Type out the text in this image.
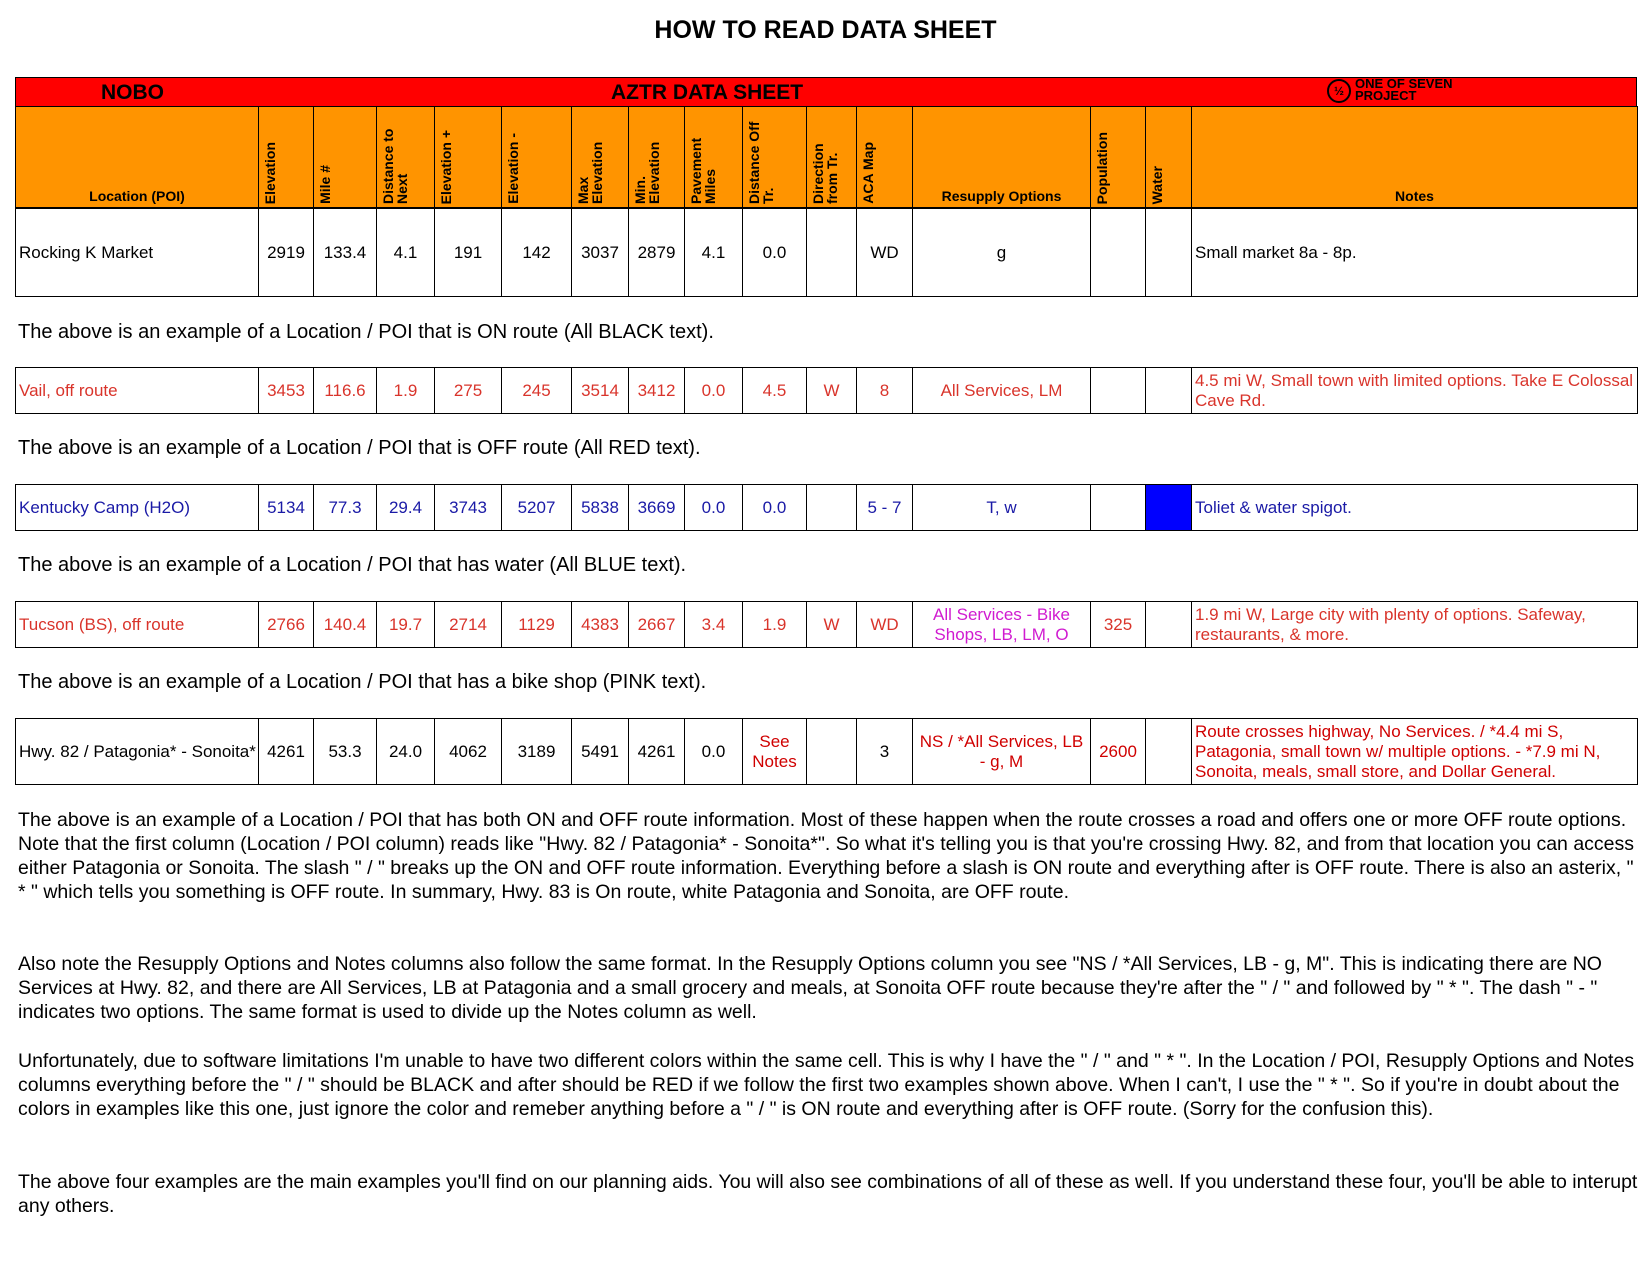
HOW TO READ DATA SHEET
NOBO	AZTR DATA SHEET	½ ONE OF SEVEN PROJECT
Location (POI)	Elevation	Mile #	Distance to Next	Elevation +	Elevation -	Max Elevation	Min. Elevation	Pavement Miles	Distance Off Tr.	Direction from Tr.	ACA Map	Resupply Options	Population	Water	Notes
Rocking K Market	2919	133.4	4.1	191	142	3037	2879	4.1	0.0		WD	g			Small market 8a - 8p.
The above is an example of a Location / POI that is ON route (All BLACK text).
Vail, off route	3453	116.6	1.9	275	245	3514	3412	0.0	4.5	W	8	All Services, LM			4.5 mi W, Small town with limited options. Take E Colossal Cave Rd.
The above is an example of a Location / POI that is OFF route (All RED text).
Kentucky Camp (H2O)	5134	77.3	29.4	3743	5207	5838	3669	0.0	0.0		5 - 7	T, w			Toliet & water spigot.
The above is an example of a Location / POI that has water (All BLUE text).
Tucson (BS), off route	2766	140.4	19.7	2714	1129	4383	2667	3.4	1.9	W	WD	All Services - Bike Shops, LB, LM, O	325		1.9 mi W, Large city with plenty of options. Safeway, restaurants, & more.
The above is an example of a Location / POI that has a bike shop (PINK text).
Hwy. 82 / Patagonia* - Sonoita*	4261	53.3	24.0	4062	3189	5491	4261	0.0	See Notes		3	NS / *All Services, LB - g, M	2600		Route crosses highway, No Services. / *4.4 mi S, Patagonia, small town w/ multiple options. - *7.9 mi N, Sonoita, meals, small store, and Dollar General.
The above is an example of a Location / POI that has both ON and OFF route information. Most of these happen when the route crosses a road and offers one or more OFF route options. Note that the first column (Location / POI column) reads like "Hwy. 82 / Patagonia* - Sonoita*". So what it's telling you is that you're crossing Hwy. 82, and from that location you can access either Patagonia or Sonoita. The slash " / " breaks up the ON and OFF route information. Everything before a slash is ON route and everything after is OFF route. There is also an asterix, " * " which tells you something is OFF route. In summary, Hwy. 83 is On route, white Patagonia and Sonoita, are OFF route.
Also note the Resupply Options and Notes columns also follow the same format. In the Resupply Options column you see "NS / *All Services, LB - g, M". This is indicating there are NO Services at Hwy. 82, and there are All Services, LB at Patagonia and a small grocery and meals, at Sonoita OFF route because they're after the " / " and followed by " * ". The dash " - " indicates two options. The same format is used to divide up the Notes column as well.
Unfortunately, due to software limitations I'm unable to have two different colors within the same cell. This is why I have the " / " and " * ". In the Location / POI, Resupply Options and Notes columns everything before the " / " should be BLACK and after should be RED if we follow the first two examples shown above. When I can't, I use the " * ". So if you're in doubt about the colors in examples like this one, just ignore the color and remeber anything before a " / " is ON route and everything after is OFF route. (Sorry for the confusion this).
The above four examples are the main examples you'll find on our planning aids. You will also see combinations of all of these as well. If you understand these four, you'll be able to interupt any others.
